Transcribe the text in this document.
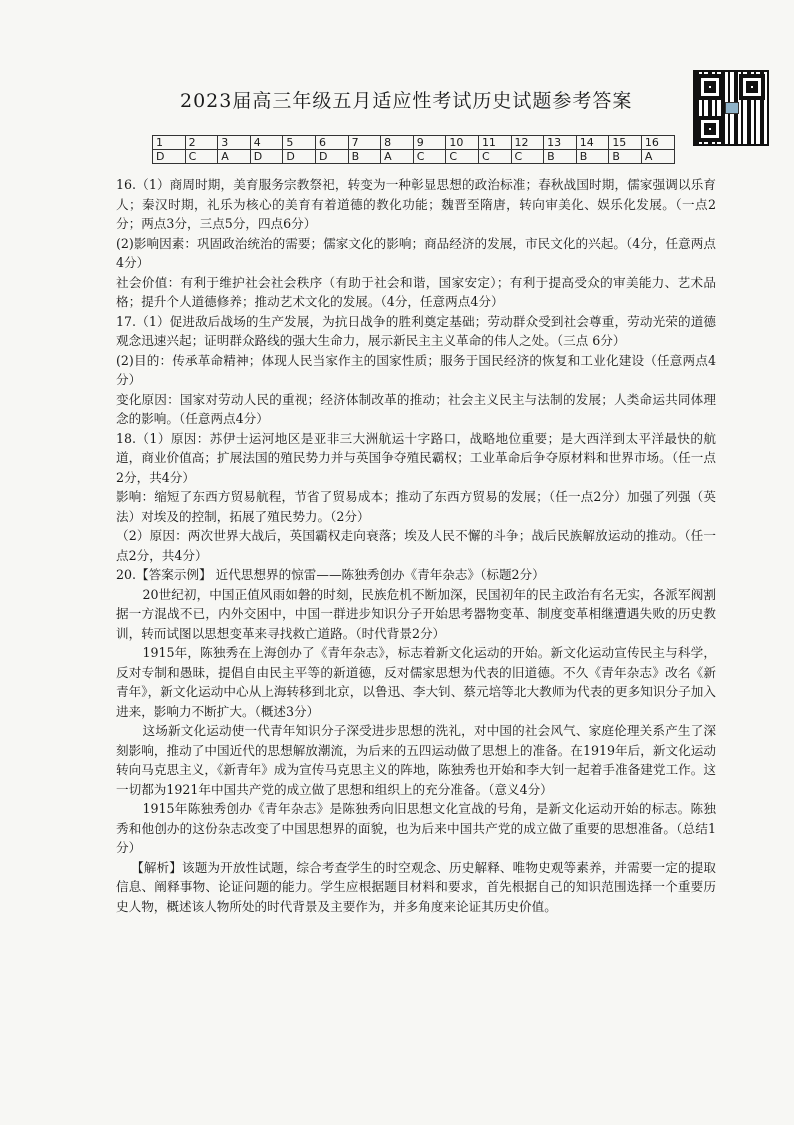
2023届高三年级五月适应性考试历史试题参考答案
1	2	3	4	5	6	7	8	9	10	11	12	13	14	15	16
D	C	A	D	D	D	B	A	C	C	C	C	B	B	B	A

16.（1）商周时期，美育服务宗教祭祀，转变为一种彰显思想的政治标准；春秋战国时期，儒家强调以乐育人；秦汉时期，礼乐为核心的美育有着道德的教化功能；魏晋至隋唐，转向审美化、娱乐化发展。（一点2分；两点3分，三点5分，四点6分）

(2)影响因素：巩固政治统治的需要；儒家文化的影响；商品经济的发展，市民文化的兴起。（4分，任意两点4分）

社会价值：有利于维护社会社会秩序（有助于社会和谐，国家安定）；有利于提高受众的审美能力、艺术品格；提升个人道德修养；推动艺术文化的发展。（4分，任意两点4分）

17.（1）促进敌后战场的生产发展，为抗日战争的胜利奠定基础；劳动群众受到社会尊重，劳动光荣的道德观念迅速兴起；证明群众路线的强大生命力，展示新民主主义革命的伟人之处。（三点 6分）

(2)目的：传承革命精神；体现人民当家作主的国家性质；服务于国民经济的恢复和工业化建设（任意两点4分）

变化原因：国家对劳动人民的重视；经济体制改革的推动；社会主义民主与法制的发展；人类命运共同体理念的影响。（任意两点4分）

18.（1）原因：苏伊士运河地区是亚非三大洲航运十字路口，战略地位重要；是大西洋到太平洋最快的航道，商业价值高；扩展法国的殖民势力并与英国争夺殖民霸权；工业革命后争夺原材料和世界市场。（任一点2分，共4分）

影响：缩短了东西方贸易航程，节省了贸易成本；推动了东西方贸易的发展；（任一点2分）加强了列强（英法）对埃及的控制，拓展了殖民势力。（2分）

（2）原因：两次世界大战后，英国霸权走向衰落；埃及人民不懈的斗争；战后民族解放运动的推动。（任一点2分，共4分）

20.【答案示例】 近代思想界的惊雷——陈独秀创办《青年杂志》（标题2分）

20世纪初，中国正值风雨如磐的时刻，民族危机不断加深，民国初年的民主政治有名无实，各派军阀割据一方混战不已，内外交困中，中国一群进步知识分子开始思考器物变革、制度变革相继遭遇失败的历史教训，转而试图以思想变革来寻找救亡道路。（时代背景2分）

1915年，陈独秀在上海创办了《青年杂志》，标志着新文化运动的开始。新文化运动宣传民主与科学，反对专制和愚昧，提倡自由民主平等的新道德，反对儒家思想为代表的旧道德。不久《青年杂志》改名《新青年》，新文化运动中心从上海转移到北京，以鲁迅、李大钊、蔡元培等北大教师为代表的更多知识分子加入进来，影响力不断扩大。（概述3分）

这场新文化运动使一代青年知识分子深受进步思想的洗礼，对中国的社会风气、家庭伦理关系产生了深刻影响，推动了中国近代的思想解放潮流，为后来的五四运动做了思想上的准备。在1919年后，新文化运动转向马克思主义，《新青年》成为宣传马克思主义的阵地，陈独秀也开始和李大钊一起着手准备建党工作。这一切都为1921年中国共产党的成立做了思想和组织上的充分准备。（意义4分）

1915年陈独秀创办《青年杂志》是陈独秀向旧思想文化宣战的号角，是新文化运动开始的标志。陈独秀和他创办的这份杂志改变了中国思想界的面貌，也为后来中国共产党的成立做了重要的思想准备。（总结1分）

【解析】该题为开放性试题，综合考查学生的时空观念、历史解释、唯物史观等素养，并需要一定的提取信息、阐释事物、论证问题的能力。学生应根据题目材料和要求，首先根据自己的知识范围选择一个重要历史人物，概述该人物所处的时代背景及主要作为，并多角度来论证其历史价值。
